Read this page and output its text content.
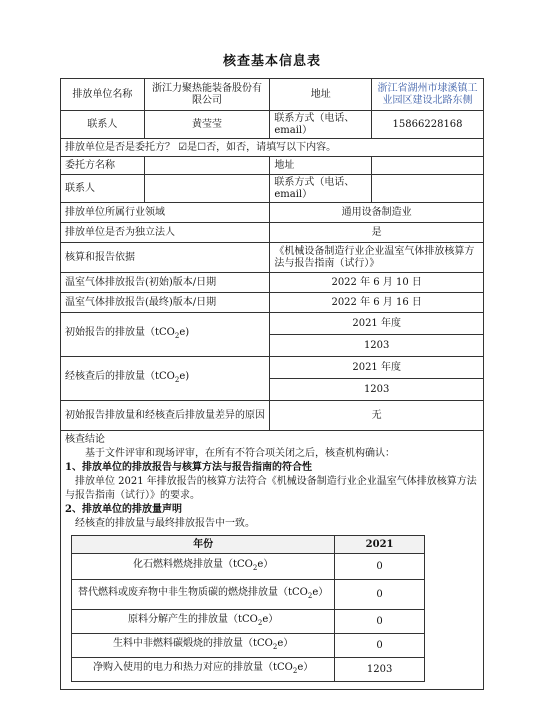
核查基本信息表
排放单位名称	浙江力聚热能装备股份有限公司	地址	浙江省湖州市埭溪镇工业园区建设北路东侧
联系人	黄莹莹	联系方式（电话、email）	15866228168
排放单位是否是委托方？ ☑是☐否，如否，请填写以下内容。
委托方名称		地址	
联系人		联系方式（电话、email）	
排放单位所属行业领域	通用设备制造业
排放单位是否为独立法人	是
核算和报告依据	《机械设备制造行业企业温室气体排放核算方法与报告指南（试行）》
温室气体排放报告(初始)版本/日期	2022 年 6 月 10 日
温室气体排放报告(最终)版本/日期	2022 年 6 月 16 日
初始报告的排放量（tCO$_2$e)	2021 年度
1203
经核查后的排放量（tCO$_2$e)	2021 年度
1203
初始报告排放量和经核查后排放量差异的原因	无

核查结论
基于文件评审和现场评审，在所有不符合项关闭之后，核查机构确认：
1、排放单位的排放报告与核算方法与报告指南的符合性
排放单位 2021 年排放报告的核算方法符合《机械设备制造行业企业温室气体排放核算方法与报告指南（试行）》的要求。
2、排放单位的排放量声明
经核查的排放量与最终排放报告中一致。
年份	2021
化石燃料燃烧排放量（tCO$_2$e）	0
替代燃料或废弃物中非生物质碳的燃烧排放量（tCO$_2$e）	0
原料分解产生的排放量（tCO$_2$e）	0
生料中非燃料碳煅烧的排放量（tCO$_2$e）	0
净购入使用的电力和热力对应的排放量（tCO$_2$e）	1203
